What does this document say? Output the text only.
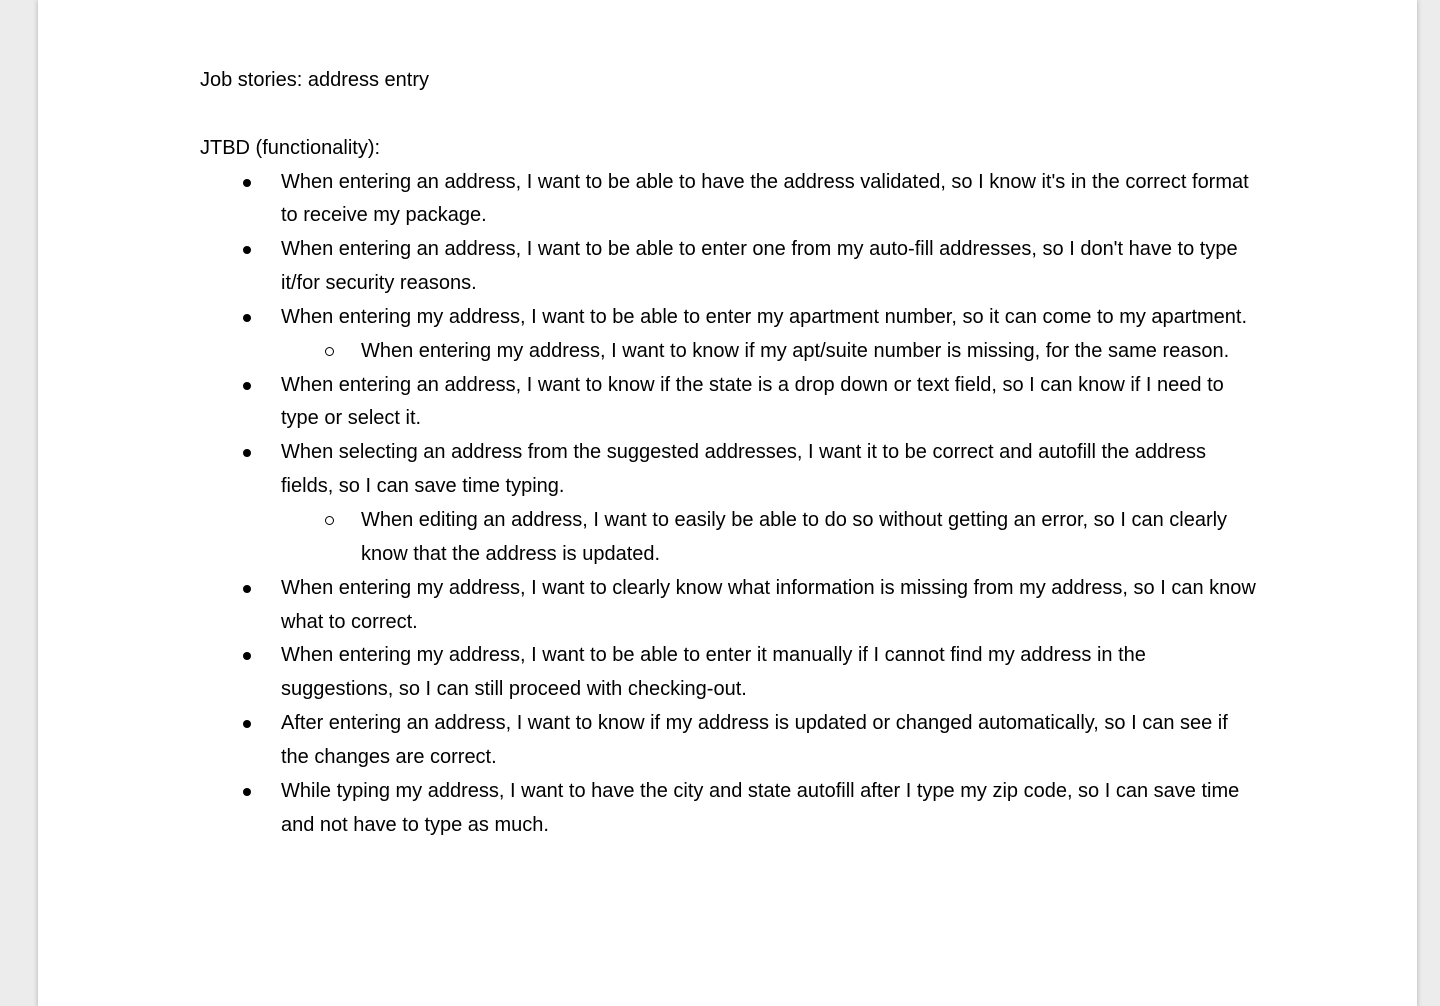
Job stories: address entry
JTBD (functionality):
When entering an address, I want to be able to have the address validated, so I know it's in the correct format to receive my package.
When entering an address, I want to be able to enter one from my auto-fill addresses, so I don't have to type it/for security reasons.
When entering my address, I want to be able to enter my apartment number, so it can come to my apartment.
When entering my address, I want to know if my apt/suite number is missing, for the same reason.
When entering an address, I want to know if the state is a drop down or text field, so I can know if I need to type or select it.
When selecting an address from the suggested addresses, I want it to be correct and autofill the address fields, so I can save time typing.
When editing an address, I want to easily be able to do so without getting an error, so I can clearly know that the address is updated.
When entering my address, I want to clearly know what information is missing from my address, so I can know what to correct.
When entering my address, I want to be able to enter it manually if I cannot find my address in the suggestions, so I can still proceed with checking-out.
After entering an address, I want to know if my address is updated or changed automatically, so I can see if the changes are correct.
While typing my address, I want to have the city and state autofill after I type my zip code, so I can save time and not have to type as much.
